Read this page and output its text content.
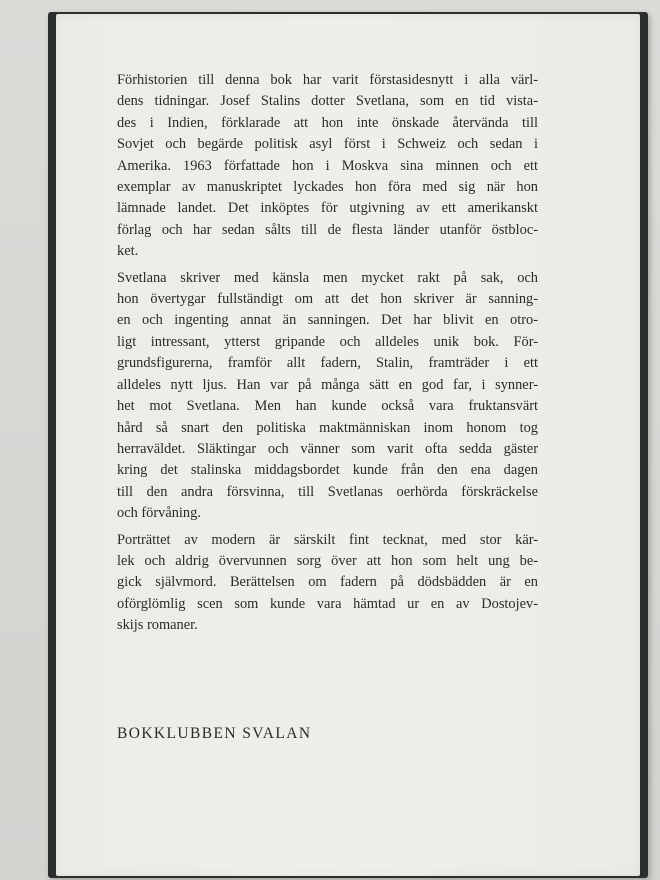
Förhistorien till denna bok har varit förstasidesnytt i alla värl-
dens tidningar. Josef Stalins dotter Svetlana, som en tid vista-
des i Indien, förklarade att hon inte önskade återvända till
Sovjet och begärde politisk asyl först i Schweiz och sedan i
Amerika. 1963 författade hon i Moskva sina minnen och ett
exemplar av manuskriptet lyckades hon föra med sig när hon
lämnade landet. Det inköptes för utgivning av ett amerikanskt
förlag och har sedan sålts till de flesta länder utanför östbloc-
ket.

Svetlana skriver med känsla men mycket rakt på sak, och
hon övertygar fullständigt om att det hon skriver är sanning-
en och ingenting annat än sanningen. Det har blivit en otro-
ligt intressant, ytterst gripande och alldeles unik bok. För-
grundsfigurerna, framför allt fadern, Stalin, framträder i ett
alldeles nytt ljus. Han var på många sätt en god far, i synner-
het mot Svetlana. Men han kunde också vara fruktansvärt
hård så snart den politiska maktmänniskan inom honom tog
herraväldet. Släktingar och vänner som varit ofta sedda gäster
kring det stalinska middagsbordet kunde från den ena dagen
till den andra försvinna, till Svetlanas oerhörda förskräckelse
och förvåning.

Porträttet av modern är särskilt fint tecknat, med stor kär-
lek och aldrig övervunnen sorg över att hon som helt ung be-
gick självmord. Berättelsen om fadern på dödsbädden är en
oförglömlig scen som kunde vara hämtad ur en av Dostojev-
skijs romaner.

BOKKLUBBEN SVALAN
